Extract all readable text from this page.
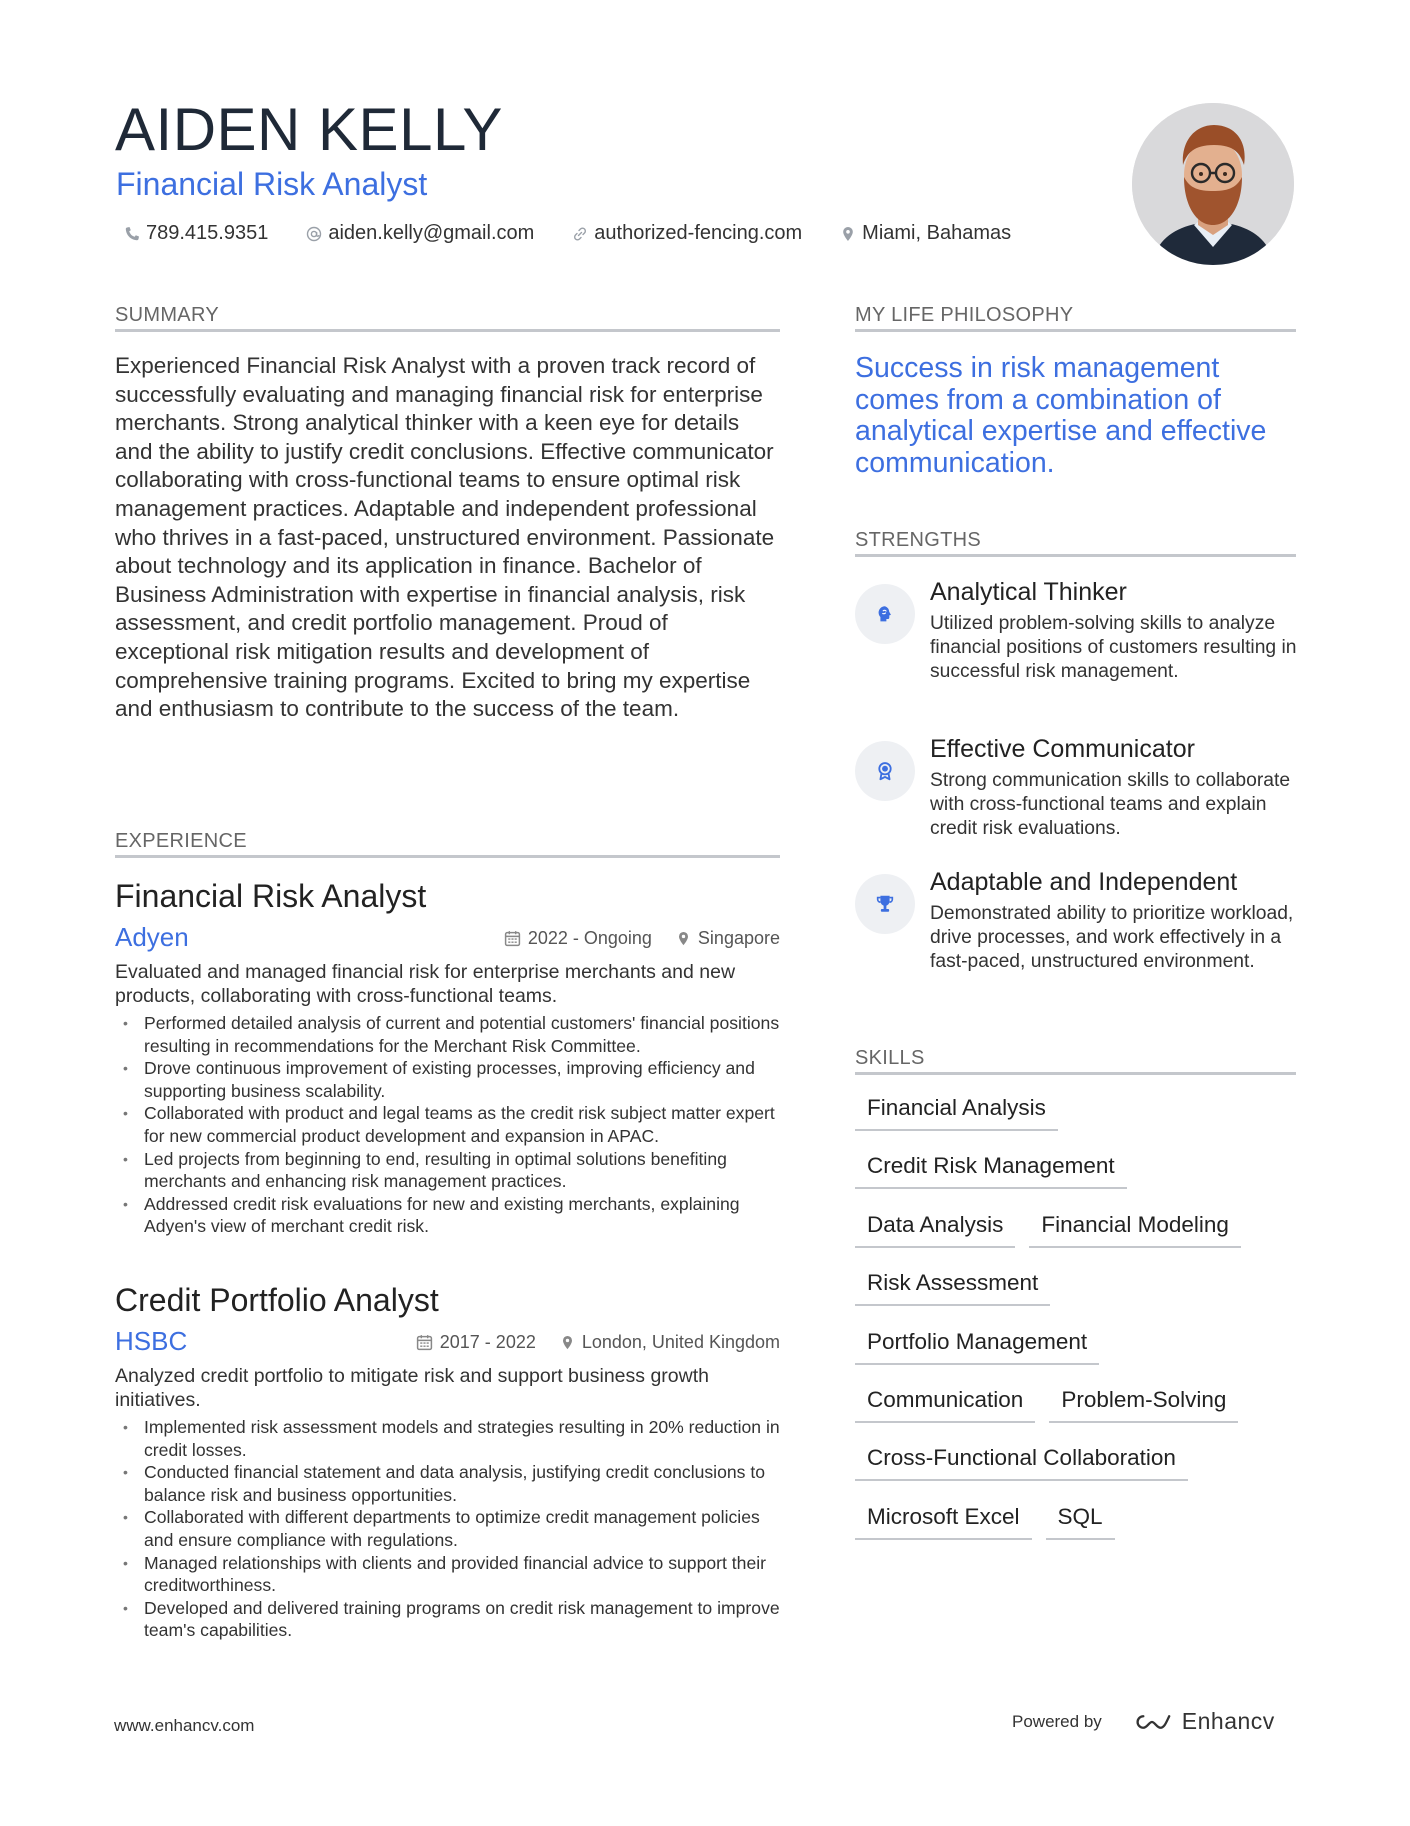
AIDEN KELLY
Financial Risk Analyst
789.415.9351	aiden.kelly@gmail.com	authorized-fencing.com	Miami, Bahamas
SUMMARY

Experienced Financial Risk Analyst with a proven track record of successfully evaluating and managing financial risk for enterprise merchants. Strong analytical thinker with a keen eye for details and the ability to justify credit conclusions. Effective communicator collaborating with cross-functional teams to ensure optimal risk management practices. Adaptable and independent professional who thrives in a fast-paced, unstructured environment. Passionate about technology and its application in finance. Bachelor of Business Administration with expertise in financial analysis, risk assessment, and credit portfolio management. Proud of exceptional risk mitigation results and development of comprehensive training programs. Excited to bring my expertise and enthusiasm to contribute to the success of the team.

EXPERIENCE
Financial Risk Analyst
Adyen	2022 - Ongoing	Singapore

Evaluated and managed financial risk for enterprise merchants and new products, collaborating with cross-functional teams.

• Performed detailed analysis of current and potential customers' financial positions resulting in recommendations for the Merchant Risk Committee.
• Drove continuous improvement of existing processes, improving efficiency and supporting business scalability.
• Collaborated with product and legal teams as the credit risk subject matter expert for new commercial product development and expansion in APAC.
• Led projects from beginning to end, resulting in optimal solutions benefiting merchants and enhancing risk management practices.
• Addressed credit risk evaluations for new and existing merchants, explaining Adyen's view of merchant credit risk.
Credit Portfolio Analyst
HSBC	2017 - 2022	London, United Kingdom

Analyzed credit portfolio to mitigate risk and support business growth initiatives.

• Implemented risk assessment models and strategies resulting in 20% reduction in credit losses.
• Conducted financial statement and data analysis, justifying credit conclusions to balance risk and business opportunities.
• Collaborated with different departments to optimize credit management policies and ensure compliance with regulations.
• Managed relationships with clients and provided financial advice to support their creditworthiness.
• Developed and delivered training programs on credit risk management to improve team's capabilities.
MY LIFE PHILOSOPHY

Success in risk management comes from a combination of analytical expertise and effective communication.

STRENGTHS
Analytical Thinker
Utilized problem-solving skills to analyze financial positions of customers resulting in successful risk management.
Effective Communicator
Strong communication skills to collaborate with cross-functional teams and explain credit risk evaluations.
Adaptable and Independent
Demonstrated ability to prioritize workload, drive processes, and work effectively in a fast-paced, unstructured environment.
SKILLS
Financial Analysis
Credit Risk Management
Data Analysis	Financial Modeling
Risk Assessment
Portfolio Management
Communication	Problem-Solving
Cross-Functional Collaboration
Microsoft Excel	SQL
www.enhancv.com	Powered by	Enhancv
